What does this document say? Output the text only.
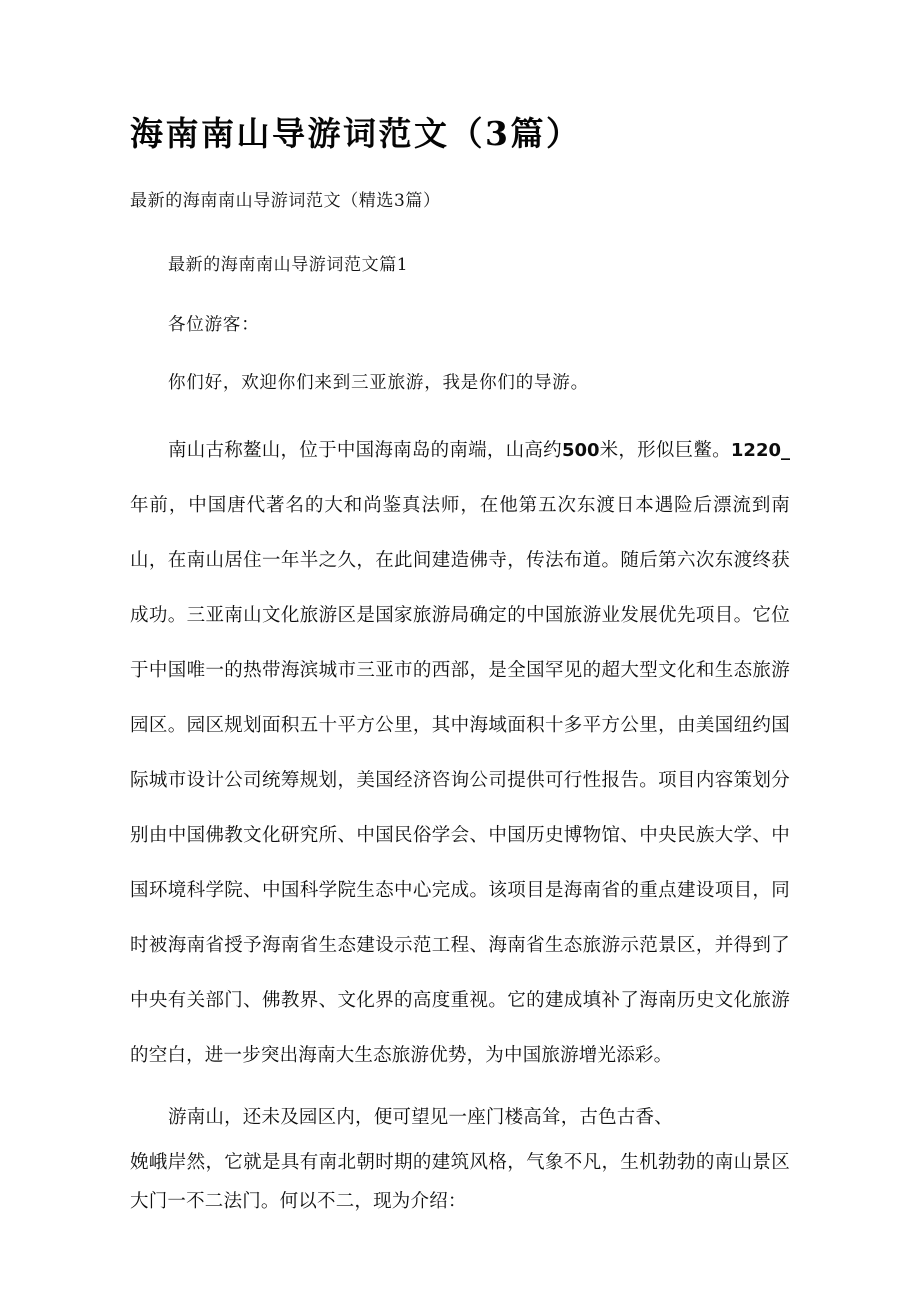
海南南山导游词范文（3篇）

最新的海南南山导游词范文（精选3篇）

最新的海南南山导游词范文篇1

各位游客：

你们好，欢迎你们来到三亚旅游，我是你们的导游。

南山古称鳌山，位于中国海南岛的南端，山高约500米，形似巨鳖。1220_年前，中国唐代著名的大和尚鉴真法师，在他第五次东渡日本遇险后漂流到南山，在南山居住一年半之久，在此间建造佛寺，传法布道。随后第六次东渡终获成功。三亚南山文化旅游区是国家旅游局确定的中国旅游业发展优先项目。它位于中国唯一的热带海滨城市三亚市的西部，是全国罕见的超大型文化和生态旅游园区。园区规划面积五十平方公里，其中海域面积十多平方公里，由美国纽约国际城市设计公司统筹规划，美国经济咨询公司提供可行性报告。项目内容策划分别由中国佛教文化研究所、中国民俗学会、中国历史博物馆、中央民族大学、中国环境科学院、中国科学院生态中心完成。该项目是海南省的重点建设项目，同时被海南省授予海南省生态建设示范工程、海南省生态旅游示范景区，并得到了中央有关部门、佛教界、文化界的高度重视。它的建成填补了海南历史文化旅游的空白，进一步突出海南大生态旅游优势，为中国旅游增光添彩。

游南山，还未及园区内，便可望见一座门楼高耸，古色古香、

娩峨岸然，它就是具有南北朝时期的建筑风格，气象不凡，生机勃勃的南山景区大门一不二法门。何以不二，现为介绍：
